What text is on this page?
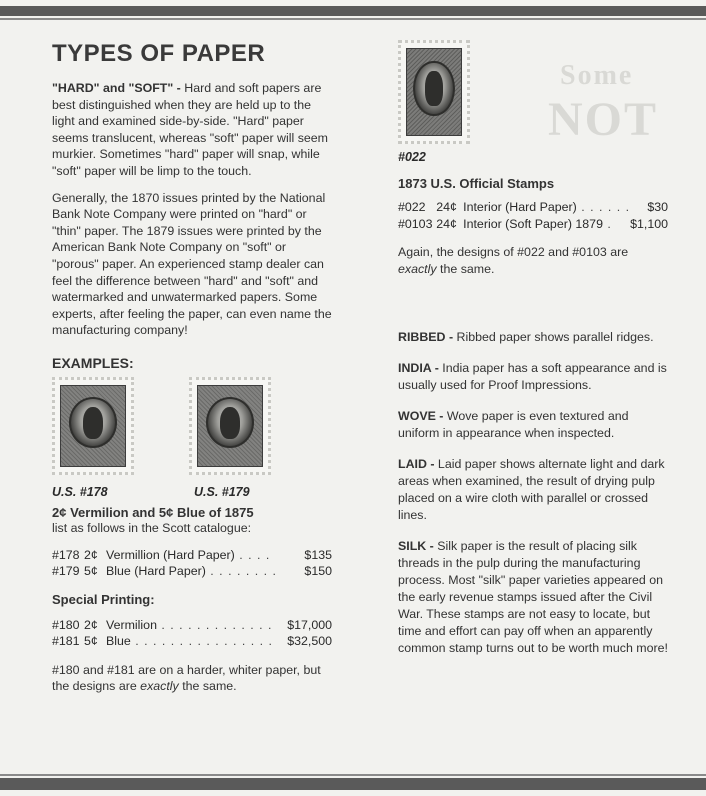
Some
NOT
TYPES OF PAPER

"HARD" and "SOFT" - Hard and soft papers are best distinguished when they are held up to the light and examined side-by-side. "Hard" paper seems translucent, whereas "soft" paper will seem murkier. Sometimes "hard" paper will snap, while "soft" paper will be limp to the touch.

Generally, the 1870 issues printed by the National Bank Note Company were printed on "hard" or "thin" paper. The 1879 issues were printed by the American Bank Note Company on "soft" or "porous" paper. An experienced stamp dealer can feel the difference between "hard" and "soft" and watermarked and unwatermarked papers. Some experts, after feeling the paper, can even name the manufacturing company!

EXAMPLES:
U.S. #178	U.S. #179
2¢ Vermilion and 5¢ Blue of 1875

list as follows in the Scott catalogue:

#178	2¢	Vermillion (Hard Paper) . . . .	$135
#179	5¢	Blue (Hard Paper) . . . . . . . .	$150
Special Printing:
#180	2¢	Vermilion . . . . . . . . . . . . .	$17,000
#181	5¢	Blue . . . . . . . . . . . . . . . .	$32,500

#180 and #181 are on a harder, whiter paper, but the designs are exactly the same.

#022
1873 U.S. Official Stamps
#022	24¢	Interior (Hard Paper) . . . . . .	$30
#0103	24¢	Interior (Soft Paper) 1879 .	$1,100

Again, the designs of #022 and #0103 are exactly the same.

RIBBED - Ribbed paper shows parallel ridges.

INDIA - India paper has a soft appearance and is usually used for Proof Impressions.

WOVE - Wove paper is even textured and uniform in appearance when inspected.

LAID - Laid paper shows alternate light and dark areas when examined, the result of drying pulp placed on a wire cloth with parallel or crossed lines.

SILK - Silk paper is the result of placing silk threads in the pulp during the manufacturing process. Most "silk" paper varieties appeared on the early revenue stamps issued after the Civil War. These stamps are not easy to locate, but time and effort can pay off when an apparently common stamp turns out to be worth much more!
